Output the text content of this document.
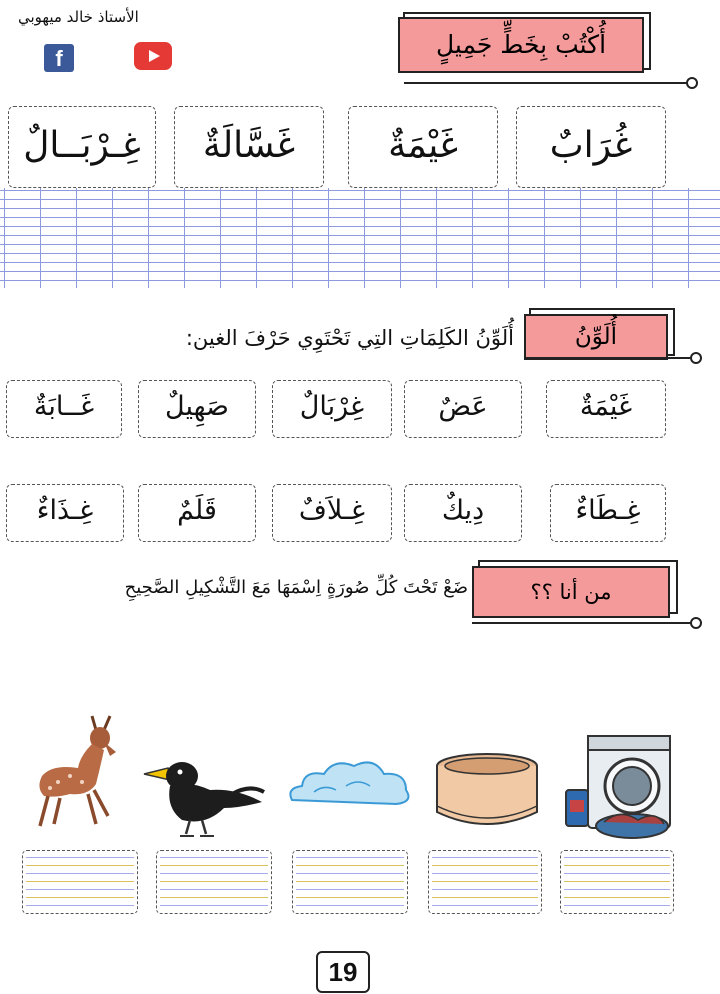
الأستاذ خالد ميهوبي
f	أُكْتُبْ بِخَطٍّ جَمِيلٍ
غُرَابٌ
غَيْمَةٌ
غَسَّالَةٌ
غِـرْبَــالٌ
أُلَوِّنُ
أُلَوِّنُ الكَلِمَاتِ التِي تَحْتَوِي حَرْفَ الغين:
غَيْمَةٌ
عَضٌ
غِرْبَالٌ
صَهِيلٌ
غَــابَةٌ
غِـطَاءٌ
دِيكٌ
غِـلاَفٌ
قَلَمٌ
غِـذَاءٌ
من أنا ؟؟
ضَعْ تَحْتَ كُلِّ صُورَةٍ اِسْمَهَا مَعَ التَّشْكِيلِ الصَّحِيحِ
19
